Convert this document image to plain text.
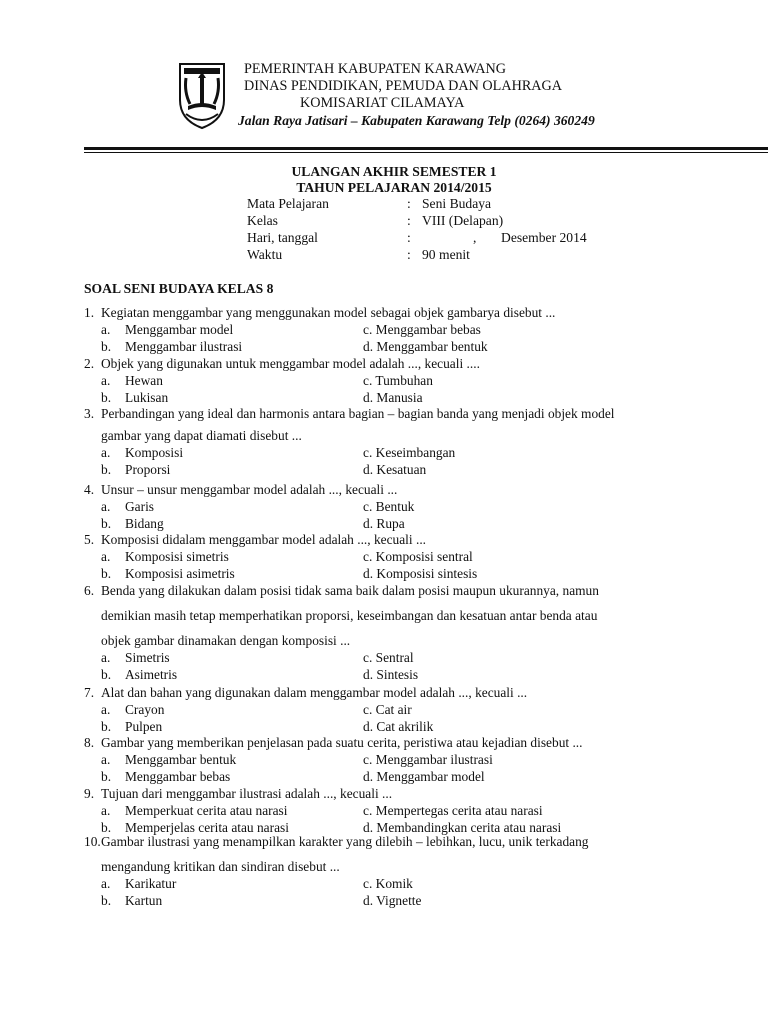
PEMERINTAH KABUPATEN KARAWANG
DINAS PENDIDIKAN, PEMUDA DAN OLAHRAGA
KOMISARIAT CILAMAYA
Jalan Raya Jatisari – Kabupaten Karawang Telp (0264) 360249
ULANGAN AKHIR SEMESTER 1
TAHUN PELAJARAN 2014/2015
Mata Pelajaran	: Seni Budaya
Kelas	: VIII (Delapan)
Hari, tanggal	:	, Desember 2014
Waktu	: 90 menit
SOAL SENI BUDAYA KELAS 8
1. Kegiatan menggambar yang menggunakan model sebagai objek gambarya disebut ...
a. Menggambar model
b. Menggambar ilustrasi
c. Menggambar bebas
d. Menggambar bentuk
2. Objek yang digunakan untuk menggambar model adalah ..., kecuali ....
a. Hewan
b. Lukisan
c. Tumbuhan
d. Manusia
3. Perbandingan yang ideal dan harmonis antara bagian – bagian banda yang menjadi objek model
gambar yang dapat diamati disebut ...
a. Komposisi
b. Proporsi
c. Keseimbangan
d. Kesatuan
4. Unsur – unsur menggambar model adalah ..., kecuali ...
a. Garis
b. Bidang
c. Bentuk
d. Rupa
5. Komposisi didalam menggambar model adalah ..., kecuali ...
a. Komposisi simetris
b. Komposisi asimetris
c. Komposisi sentral
d. Komposisi sintesis
6. Benda yang dilakukan dalam posisi tidak sama baik dalam posisi maupun ukurannya, namun
demikian masih tetap memperhatikan proporsi, keseimbangan dan kesatuan antar benda atau
objek gambar dinamakan dengan komposisi ...
a. Simetris
b. Asimetris
c. Sentral
d. Sintesis
7. Alat dan bahan yang digunakan dalam menggambar model adalah ..., kecuali ...
a. Crayon
b. Pulpen
c. Cat air
d. Cat akrilik
8. Gambar yang memberikan penjelasan pada suatu cerita, peristiwa atau kejadian disebut ...
a. Menggambar bentuk
b. Menggambar bebas
c. Menggambar ilustrasi
d. Menggambar model
9. Tujuan dari menggambar ilustrasi adalah ..., kecuali ...
a. Memperkuat cerita atau narasi
b. Memperjelas cerita atau narasi
c. Mempertegas cerita atau narasi
d. Membandingkan cerita atau narasi
10. Gambar ilustrasi yang menampilkan karakter yang dilebih – lebihkan, lucu, unik terkadang
mengandung kritikan dan sindiran disebut ...
a. Karikatur
b. Kartun
c. Komik
d. Vignette
